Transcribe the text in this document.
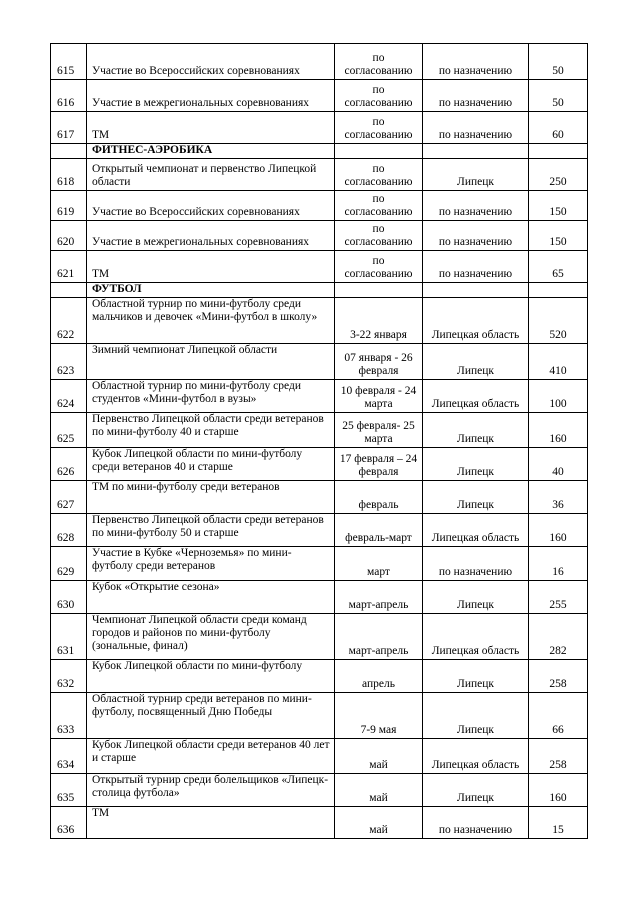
615	Участие во Всероссийских соревнованиях	по согласованию	по назначению	50
616	Участие в межрегиональных соревнованиях	по согласованию	по назначению	50
617	ТМ	по согласованию	по назначению	60
	ФИТНЕС-АЭРОБИКА			
618	Открытый чемпионат и первенство Липецкой области	по согласованию	Липецк	250
619	Участие во Всероссийских соревнованиях	по согласованию	по назначению	150
620	Участие в межрегиональных соревнованиях	по согласованию	по назначению	150
621	ТМ	по согласованию	по назначению	65
	ФУТБОЛ			
622	Областной турнир по мини-футболу среди мальчиков и девочек «Мини-футбол в школу»	3-22 января	Липецкая область	520
623	Зимний чемпионат Липецкой области	07 января - 26 февраля	Липецк	410
624	Областной турнир по мини-футболу среди студентов «Мини-футбол в вузы»	10 февраля - 24 марта	Липецкая область	100
625	Первенство Липецкой области среди ветеранов по мини-футболу 40 и старше	25 февраля- 25 марта	Липецк	160
626	Кубок Липецкой области по мини-футболу среди ветеранов 40 и старше	17 февраля – 24 февраля	Липецк	40
627	ТМ по мини-футболу среди ветеранов	февраль	Липецк	36
628	Первенство Липецкой области среди ветеранов по мини-футболу 50 и старше	февраль-март	Липецкая область	160
629	Участие в Кубке «Черноземья» по мини-футболу среди ветеранов	март	по назначению	16
630	Кубок «Открытие сезона»	март-апрель	Липецк	255
631	Чемпионат Липецкой области среди команд городов и районов по мини-футболу (зональные, финал)	март-апрель	Липецкая область	282
632	Кубок Липецкой области по мини-футболу	апрель	Липецк	258
633	Областной турнир среди ветеранов по мини-футболу, посвященный Дню Победы	7-9 мая	Липецк	66
634	Кубок Липецкой области среди ветеранов 40 лет и старше	май	Липецкая область	258
635	Открытый турнир среди болельщиков «Липецк-столица футбола»	май	Липецк	160
636	ТМ	май	по назначению	15
